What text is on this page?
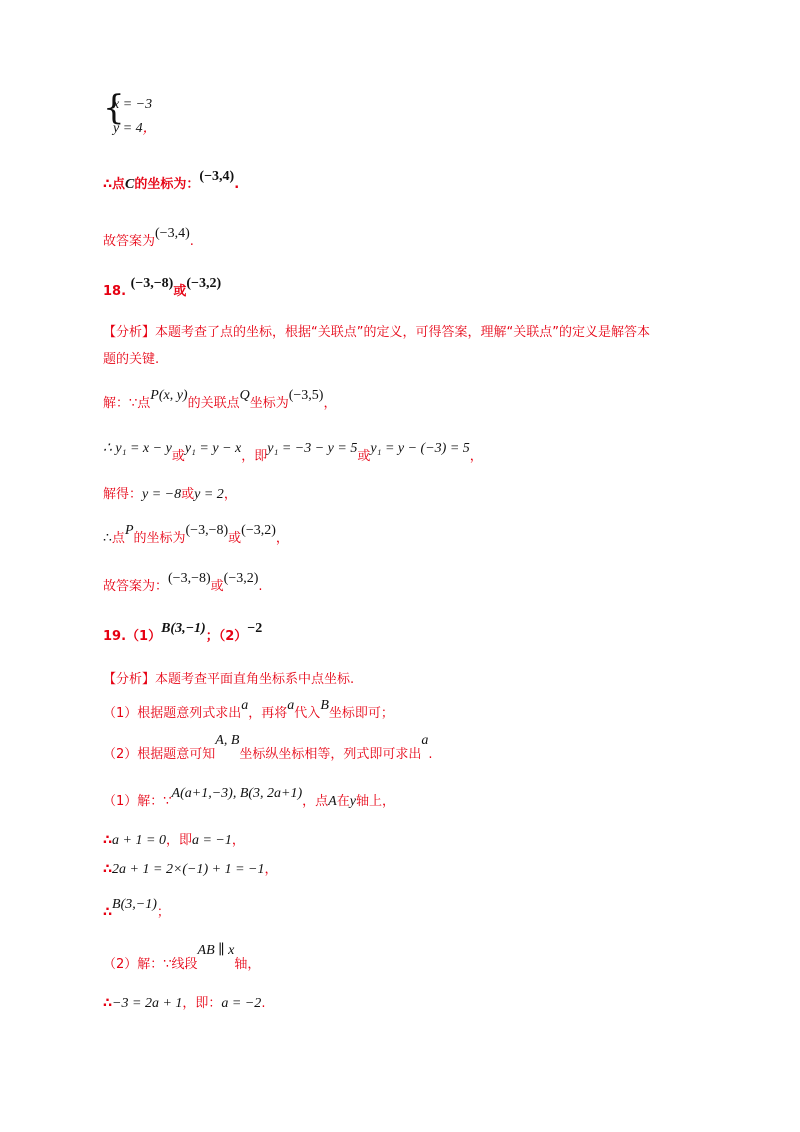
{
x = −3
y = 4，
∴点C的坐标为：(−3,4).
故答案为(−3,4).
18. (−3,−8)或(−3,2)
【分析】本题考查了点的坐标，根据“关联点”的定义，可得答案，理解“关联点”的定义是解答本
题的关键.
解：∵点P(x, y)的关联点Q坐标为(−3,5)，
∴ y₁ = x − y或y₁ = y − x，即y₁ = −3 − y = 5或y₁ = y − (−3) = 5，
解得：y = −8或y = 2，
∴点P的坐标为(−3,−8)或(−3,2)，
故答案为：(−3,−8)或(−3,2).
19.（1）B(3,−1)；（2）−2
【分析】本题考查平面直角坐标系中点坐标.
（1）根据题意列式求出a，再将a代入B坐标即可；
（2）根据题意可知A, B坐标纵坐标相等，列式即可求出a.
（1）解：∵A(a+1,−3), B(3, 2a+1)，点A在y轴上，
∴a + 1 = 0，即a = −1，
∴2a + 1 = 2×(−1) + 1 = −1，
∴B(3,−1)；
（2）解：∵线段AB ∥ x轴，
∴−3 = 2a + 1，即：a = −2.
